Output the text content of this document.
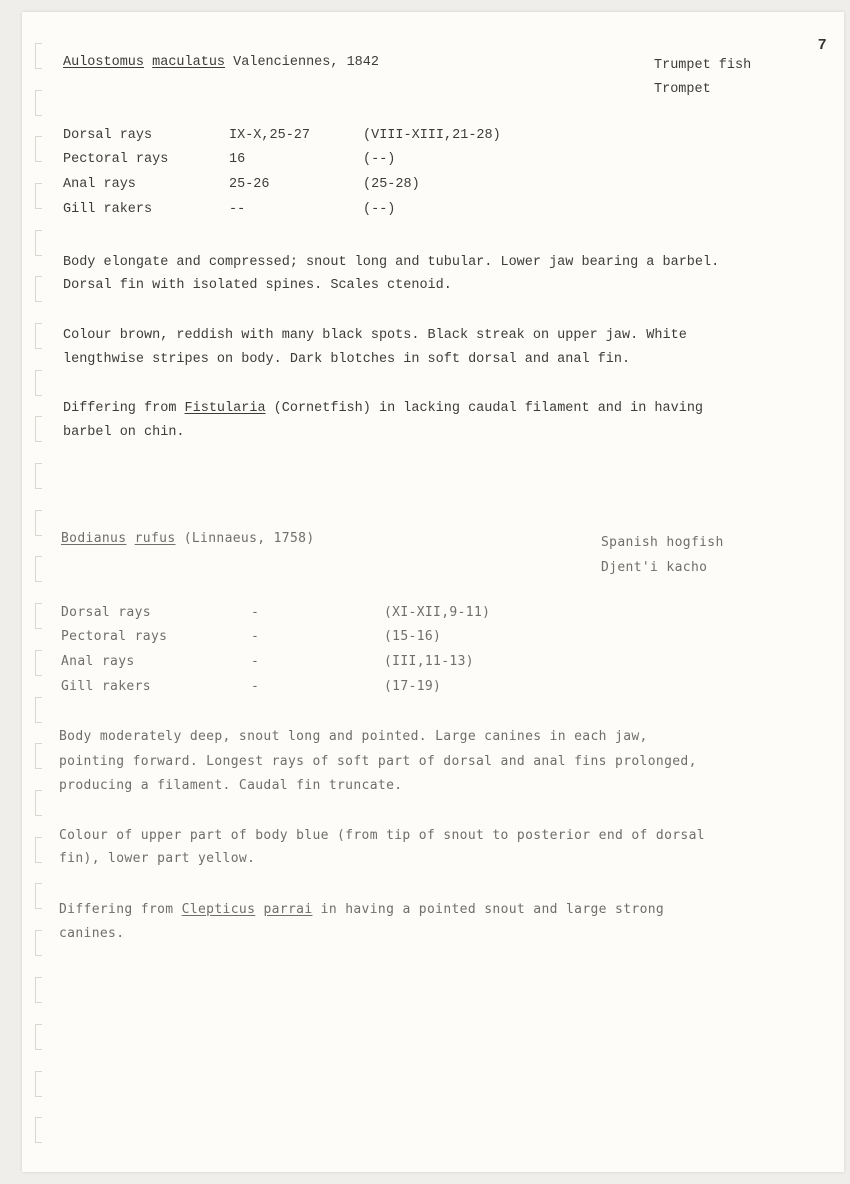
7
Aulostomus maculatus Valenciennes, 1842	Trumpet fish
Trompet
Dorsal rays	IX-X,25-27	(VIII-XIII,21-28)
Pectoral rays	16	(--)
Anal rays	25-26	(25-28)
Gill rakers	--	(--)
Body elongate and compressed; snout long and tubular. Lower jaw bearing a barbel.
Dorsal fin with isolated spines. Scales ctenoid.
Colour brown, reddish with many black spots. Black streak on upper jaw. White
lengthwise stripes on body. Dark blotches in soft dorsal and anal fin.
Differing from Fistularia (Cornetfish) in lacking caudal filament and in having
barbel on chin.
Bodianus rufus (Linnaeus, 1758)	Spanish hogfish
Djent'i kacho
Dorsal rays	-	(XI-XII,9-11)
Pectoral rays	-	(15-16)
Anal rays	-	(III,11-13)
Gill rakers	-	(17-19)
Body moderately deep, snout long and pointed. Large canines in each jaw,
pointing forward. Longest rays of soft part of dorsal and anal fins prolonged,
producing a filament. Caudal fin truncate.
Colour of upper part of body blue (from tip of snout to posterior end of dorsal
fin), lower part yellow.
Differing from Clepticus parrai in having a pointed snout and large strong
canines.
